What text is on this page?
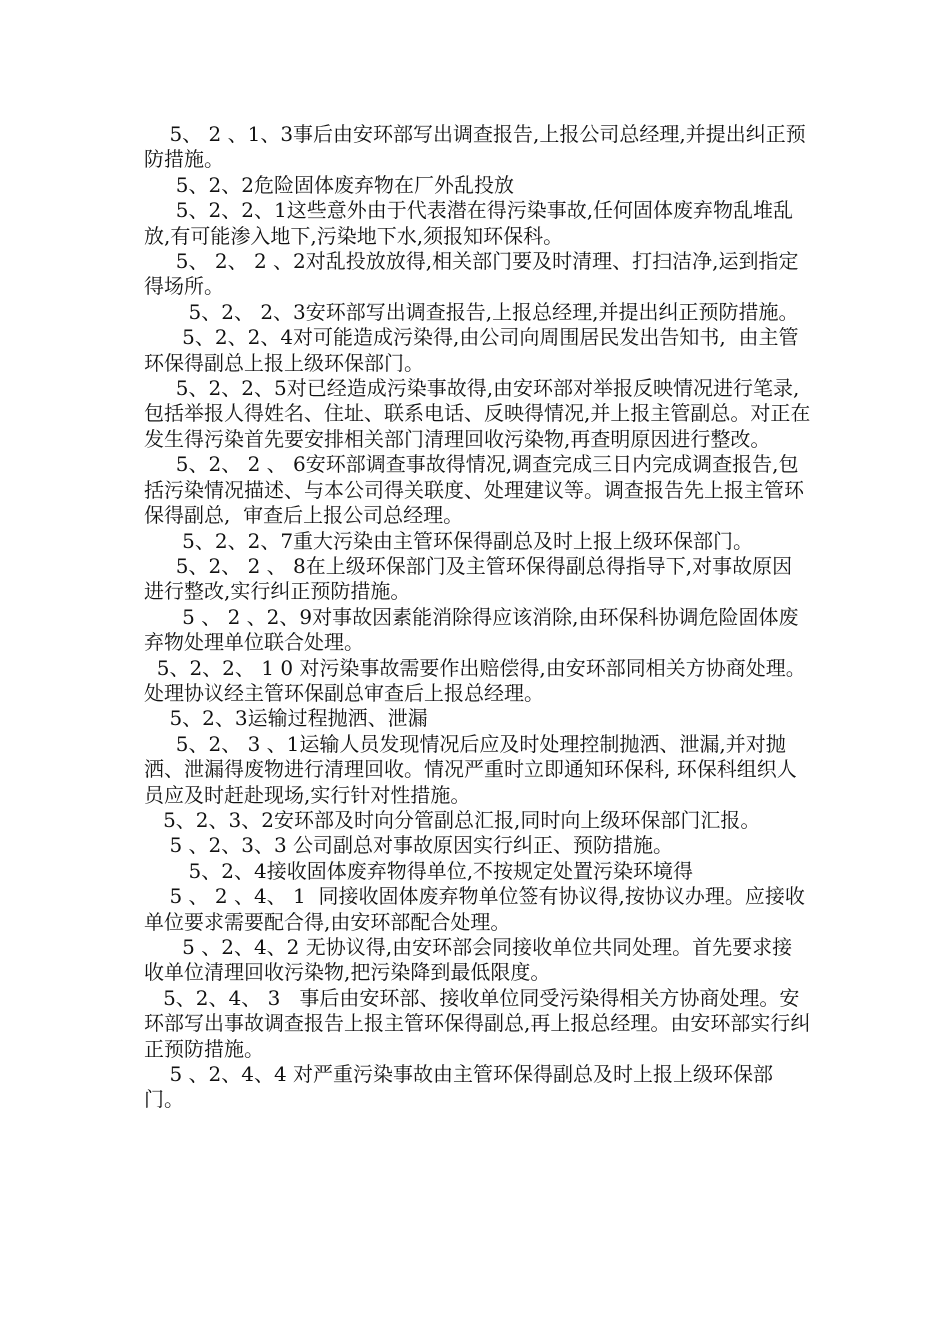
5、 2 、1、3事后由安环部写出调查报告,上报公司总经理,并提出纠正预防措施。

5、2、2危险固体废弃物在厂外乱投放

5、2、2、1这些意外由于代表潜在得污染事故,任何固体废弃物乱堆乱放,有可能渗入地下,污染地下水,须报知环保科。

5、 2、 2 、2对乱投放放得,相关部门要及时清理、打扫洁净,运到指定得场所。

5、2、 2、3安环部写出调查报告,上报总经理,并提出纠正预防措施。

5、2、2、4对可能造成污染得,由公司向周围居民发出告知书,  由主管环保得副总上报上级环保部门。

5、2、2、5对已经造成污染事故得,由安环部对举报反映情况进行笔录,包括举报人得姓名、住址、联系电话、反映得情况,并上报主管副总。对正在发生得污染首先要安排相关部门清理回收污染物,再查明原因进行整改。

5、2、 2 、 6安环部调查事故得情况,调查完成三日内完成调查报告,包括污染情况描述、与本公司得关联度、处理建议等。调查报告先上报主管环保得副总,  审查后上报公司总经理。

5、2、2、7重大污染由主管环保得副总及时上报上级环保部门。

5、2、 2 、 8在上级环保部门及主管环保得副总得指导下,对事故原因进行整改,实行纠正预防措施。

5 、 2 、2、9对事故因素能消除得应该消除,由环保科协调危险固体废弃物处理单位联合处理。

5、2、2、 1 0 对污染事故需要作出赔偿得,由安环部同相关方协商处理。处理协议经主管环保副总审查后上报总经理。

5、2、3运输过程抛洒、泄漏

5、2、 3 、1运输人员发现情况后应及时处理控制抛洒、泄漏,并对抛洒、泄漏得废物进行清理回收。情况严重时立即通知环保科, 环保科组织人员应及时赶赴现场,实行针对性措施。

5、2、3、2安环部及时向分管副总汇报,同时向上级环保部门汇报。

5 、2、3、3 公司副总对事故原因实行纠正、预防措施。

5、2、4接收固体废弃物得单位,不按规定处置污染环境得

5 、 2 、4、 1  同接收固体废弃物单位签有协议得,按协议办理。应接收单位要求需要配合得,由安环部配合处理。

5 、2、4、2 无协议得,由安环部会同接收单位共同处理。首先要求接收单位清理回收污染物,把污染降到最低限度。

5、2、4、 3   事后由安环部、接收单位同受污染得相关方协商处理。安环部写出事故调查报告上报主管环保得副总,再上报总经理。由安环部实行纠正预防措施。

5 、2、4、4 对严重污染事故由主管环保得副总及时上报上级环保部门。
